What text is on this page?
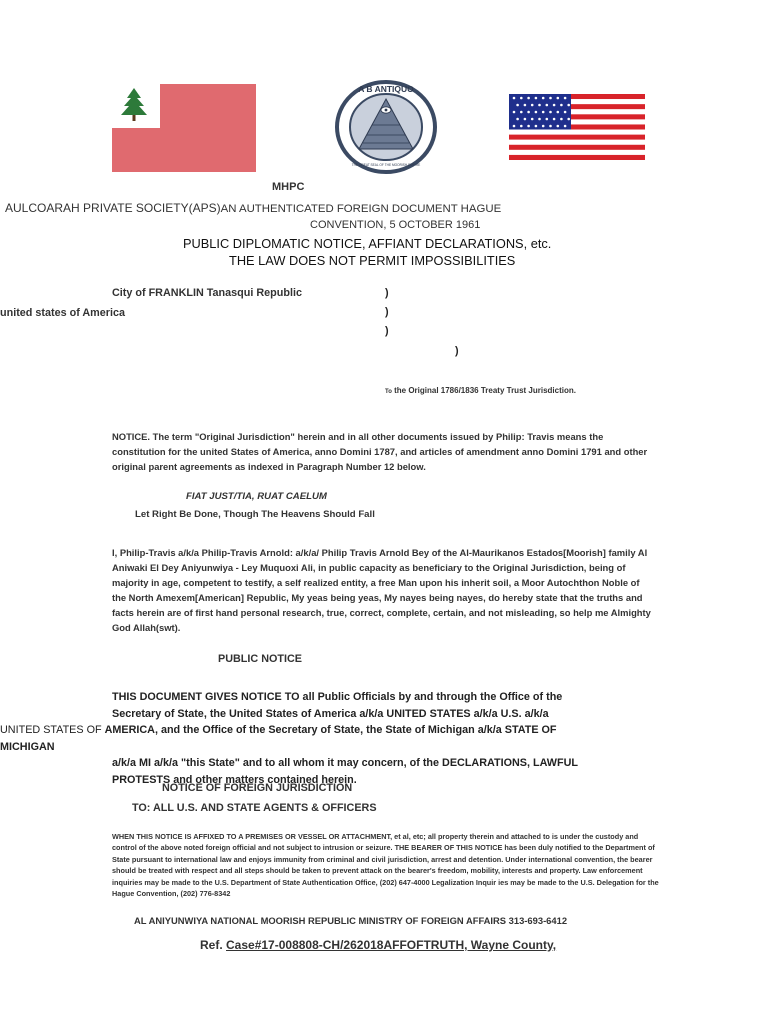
A B ANTIQUO
THE GREAT SEAL OF THE MOORISH EMPIRE
MHPC
AULCOARAH PRIVATE SOCIETY(APS)AN AUTHENTICATED FOREIGN DOCUMENT HAGUE
CONVENTION, 5 OCTOBER 1961
PUBLIC DIPLOMATIC NOTICE, AFFIANT DECLARATIONS, etc.
THE LAW DOES NOT PERMIT IMPOSSIBILITIES
City of FRANKLIN Tanasqui Republic
united states of America
)
)
)
)
To the Original 1786/1836 Treaty Trust Jurisdiction.
NOTICE. The term "Original Jurisdiction" herein and in all other documents issued by Philip: Travis means the constitution for the united States of America, anno Domini 1787, and articles of amendment anno Domini 1791 and other original parent agreements as indexed in Paragraph Number 12 below.
FIAT JUST/TIA, RUAT CAELUM
Let Right Be Done, Though The Heavens Should Fall
I, Philip-Travis a/k/a Philip-Travis Arnold: a/k/a/ Philip Travis Arnold Bey of the Al-Maurikanos Estados[Moorish] family Al Aniwaki El Dey Aniyunwiya - Ley Muquoxi Ali, in public capacity as beneficiary to the Original Jurisdiction, being of majority in age, competent to testify, a self realized entity, a free Man upon his inherit soil, a Moor Autochthon Noble of the North Amexem[American] Republic, My yeas being yeas, My nayes being nayes, do hereby state that the truths and facts herein are of first hand personal research, true, correct, complete, certain, and not misleading, so help me Almighty God Allah(swt).
PUBLIC NOTICE
THIS DOCUMENT GIVES NOTICE TO all Public Officials by and through the Office of the
Secretary of State, the United States of America a/k/a UNITED STATES a/k/a U.S. a/k/a
UNITED STATES OF AMERICA, and the Office of the Secretary of State, the State of Michigan a/k/a STATE OF MICHIGAN
a/k/a MI a/k/a "this State" and to all whom it may concern, of the DECLARATIONS, LAWFUL
PROTESTS and other matters contained herein.
NOTICE OF FOREIGN JURISDICTION
TO: ALL U.S. AND STATE AGENTS & OFFICERS
WHEN THIS NOTICE IS AFFIXED TO A PREMISES OR VESSEL OR ATTACHMENT, et al, etc; all property therein and attached to is under the custody and control of the above noted foreign official and not subject to intrusion or seizure. THE BEARER OF THIS NOTICE has been duly notified to the Department of State pursuant to international law and enjoys immunity from criminal and civil jurisdiction, arrest and detention. Under international convention, the bearer should be treated with respect and all steps should be taken to prevent attack on the bearer's freedom, mobility, interests and property. Law enforcement inquiries may be made to the U.S. Department of State Authentication Office, (202) 647-4000 Legalization Inquir ies may be made to the U.S. Delegation for the Hague Convention, (202) 776-8342
AL ANIYUNWIYA NATIONAL MOORISH REPUBLIC MINISTRY OF FOREIGN AFFAIRS 313-693-6412
Ref. Case#17-008808-CH/262018AFFOFTRUTH, Wayne County,
